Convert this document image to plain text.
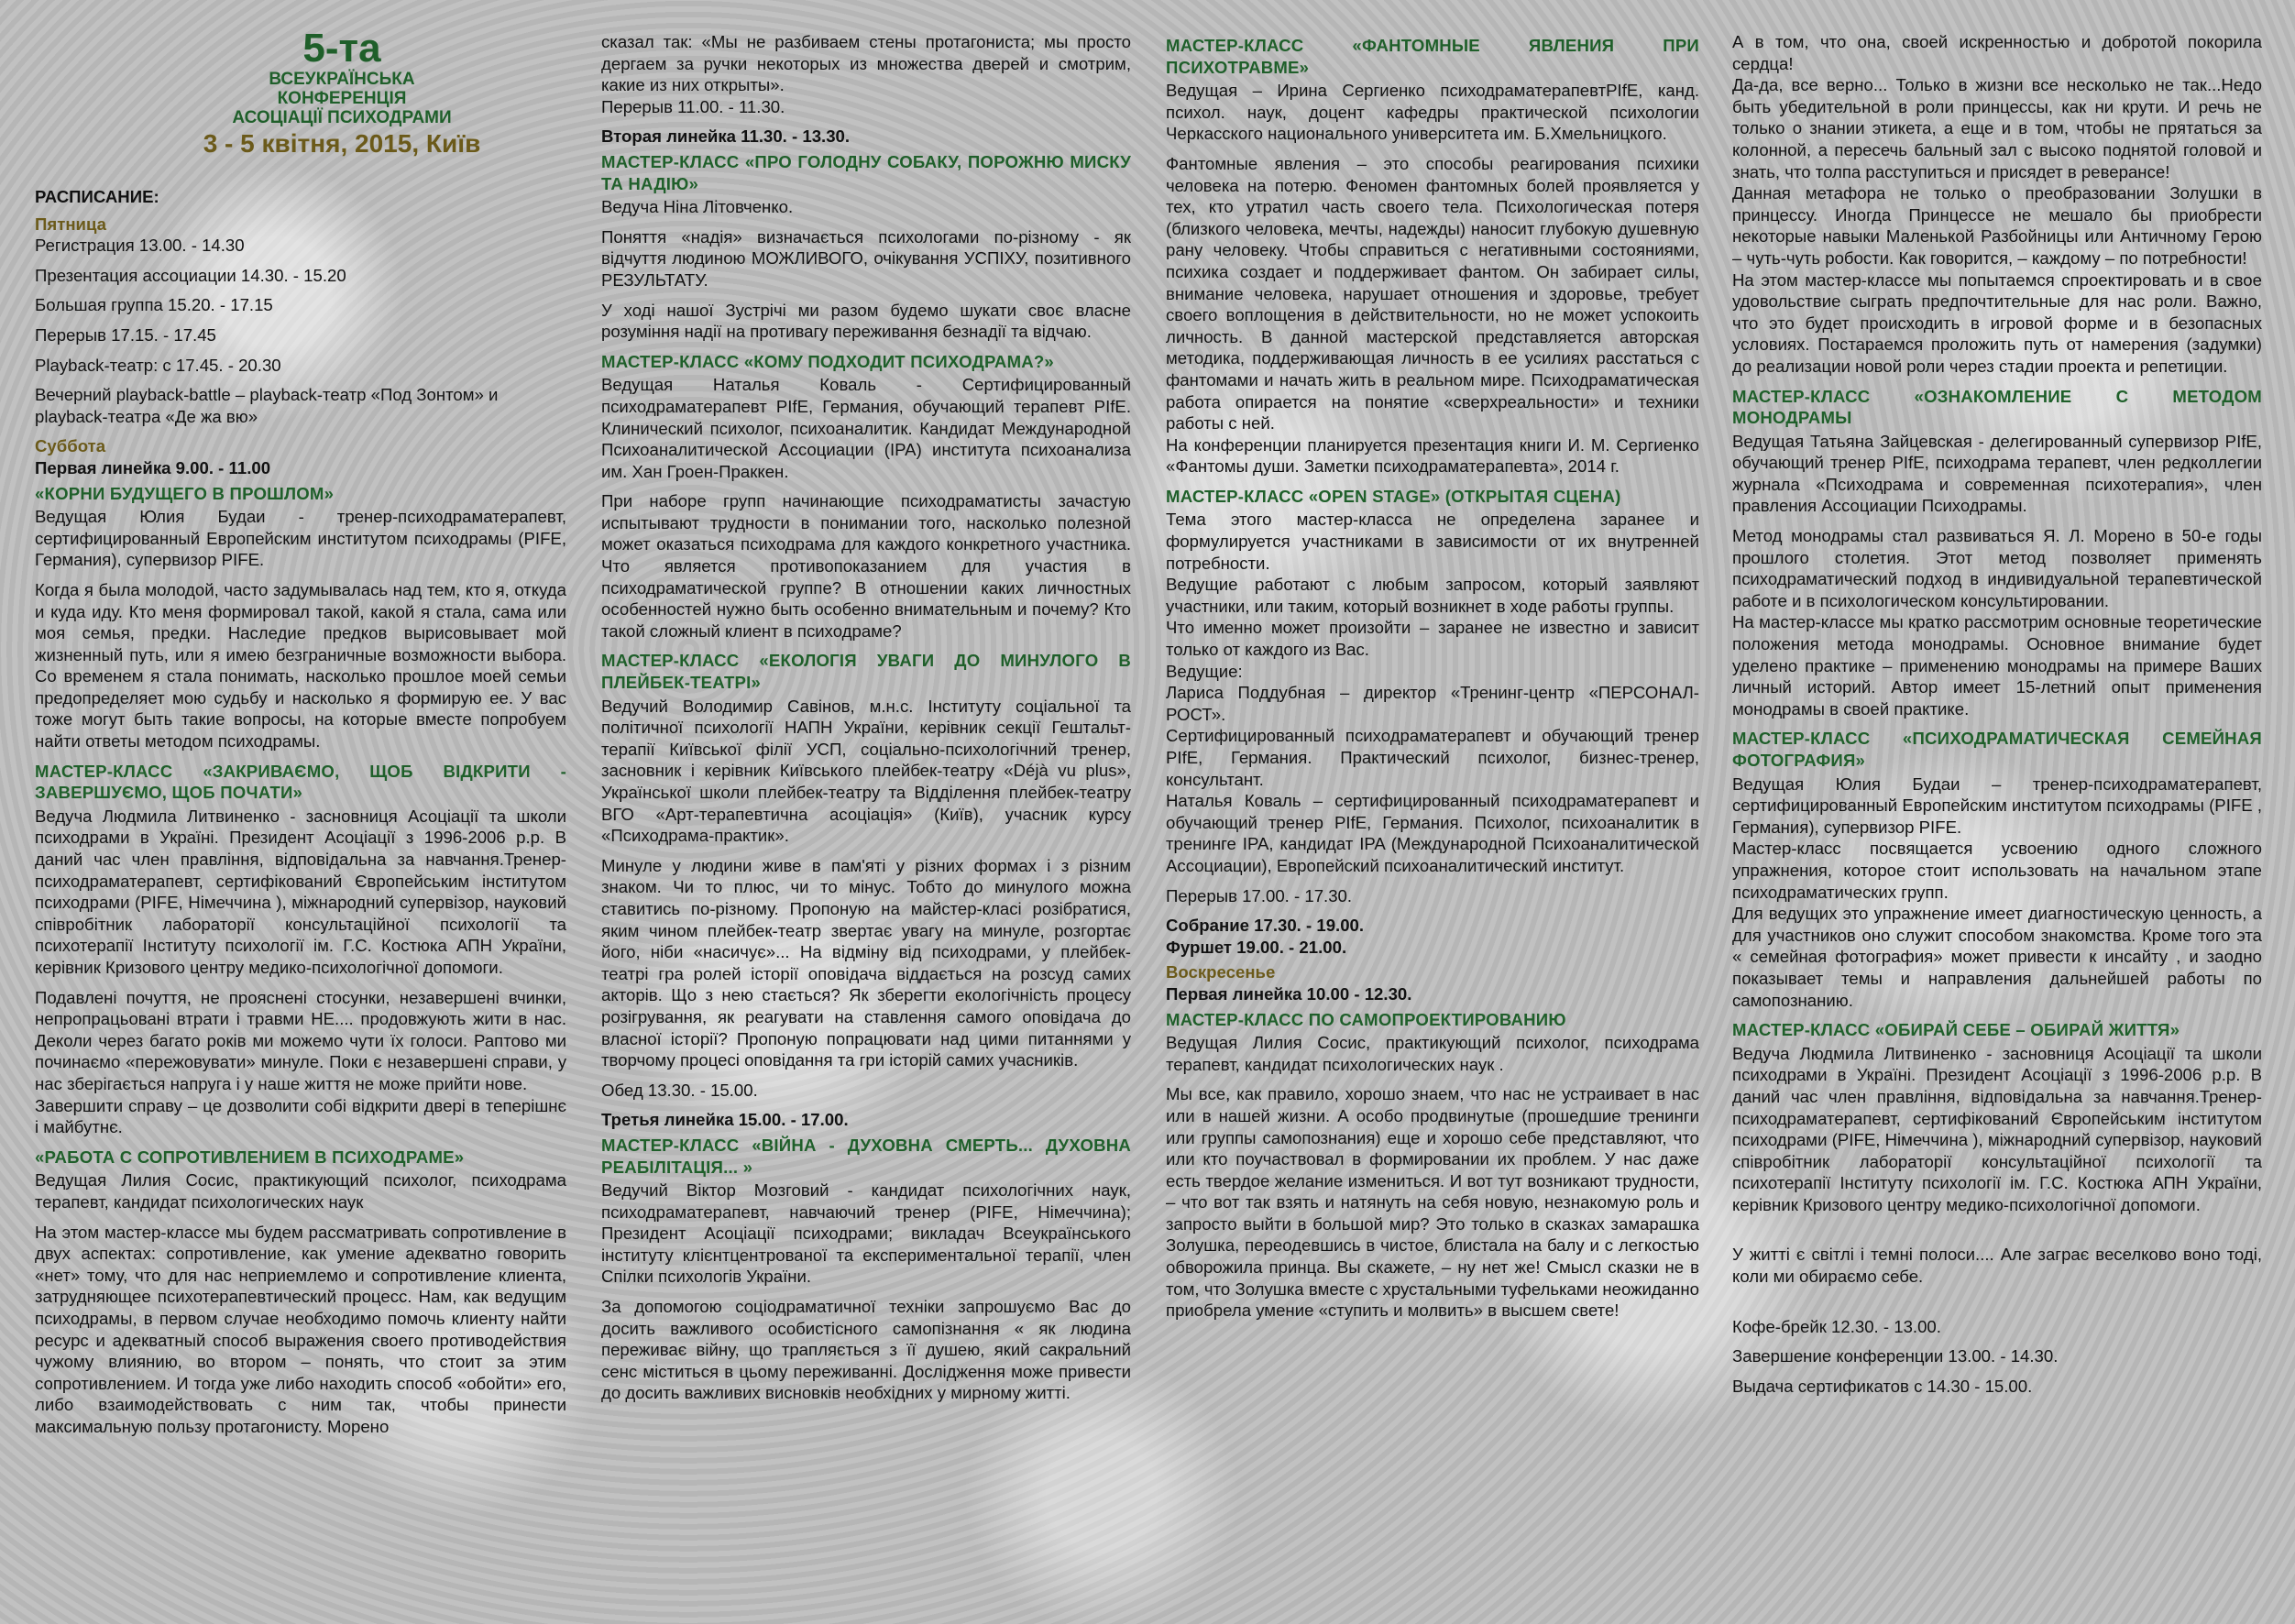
5-та
ВСЕУКРАЇНСЬКА
КОНФЕРЕНЦІЯ
АСОЦІАЦІЇ ПСИХОДРАМИ
3 - 5 квітня, 2015, Київ
РАСПИСАНИЕ:
Пятница

Регистрация 13.00. - 14.30

Презентация ассоциации 14.30. - 15.20

Большая группа 15.20. - 17.15

Перерыв 17.15. - 17.45

Playback-театр: с 17.45. - 20.30

Вечерний playback-battle – playback-театр «Под Зонтом» и playback-театра «Де жа вю»

Суббота
Первая линейка 9.00. - 11.00
«КОРНИ БУДУЩЕГО В ПРОШЛОМ»

Ведущая Юлия Будаи - тренер-психодраматерапевт, сертифицированный Европейским институтом психодрамы (PIFE, Германия), супервизор PIFE.

Когда я была молодой, часто задумывалась над тем, кто я, откуда и куда иду. Кто меня формировал такой, какой я стала, сама или моя семья, предки. Наследие предков вырисовывает мой жизненный путь, или я имею безграничные возможности выбора. Со временем я стала понимать, насколько прошлое моей семьи предопределяет мою судьбу и насколько я формирую ее. У вас тоже могут быть такие вопросы, на которые вместе попробуем найти ответы методом психодрамы.

МАСТЕР-КЛАСС «ЗАКРИВАЄМО, ЩОБ ВІДКРИТИ - ЗАВЕРШУЄМО, ЩОБ ПОЧАТИ»

Ведуча Людмила Литвиненко - засновниця Асоціації та школи психодрами в Україні. Президент Асоціації з 1996-2006 р.р. В даний час член правління, відповідальна за навчання.Тренер-психодраматерапевт, сертифікований Європейським інститутом психодрами (PIFE, Німеччина ), міжнародний супервізор, науковий співробітник лабораторії консультаційної психології та психотерапії Інституту психології ім. Г.С. Костюка АПН України, керівник Кризового центру медико-психологічної допомоги.

Подавлені почуття, не прояснені стосунки, незавершені вчинки, непропрацьовані втрати і травми НЕ.... продовжують жити в нас. Деколи через багато років ми можемо чути їх голоси. Раптово ми починаємо «пережовувати» минуле. Поки є незавершені справи, у нас зберігається напруга і у наше життя не може прийти нове.

Завершити справу – це дозволити собі відкрити двері в теперішнє і майбутнє.

«РАБОТА С СОПРОТИВЛЕНИЕМ В ПСИХОДРАМЕ»

Ведущая Лилия Сосис, практикующий психолог, психодрама терапевт, кандидат психологических наук

На этом мастер-классе мы будем рассматривать сопротивление в двух аспектах: сопротивление, как умение адекватно говорить «нет» тому, что для нас неприемлемо и сопротивление клиента, затрудняющее психотерапевтический процесс. Нам, как ведущим психодрамы, в первом случае необходимо помочь клиенту найти ресурс и адекватный способ выражения своего противодействия чужому влиянию, во втором – понять, что стоит за этим сопротивлением. И тогда уже либо находить способ «обойти» его, либо взаимодействовать с ним так, чтобы принести максимальную пользу протагонисту. Морено

сказал так: «Мы не разбиваем стены протагониста; мы просто дергаем за ручки некоторых из множества дверей и смотрим, какие из них открыты».

Перерыв 11.00. - 11.30.

Вторая линейка 11.30. - 13.30.
МАСТЕР-КЛАСС «ПРО ГОЛОДНУ СОБАКУ, ПОРОЖНЮ МИСКУ ТА НАДІЮ»

Ведуча Ніна Літовченко.

Поняття «надія» визначається психологами по-різному - як відчуття людиною МОЖЛИВОГО, очікування УСПІХУ, позитивного РЕЗУЛЬТАТУ.

У ході нашої Зустрічі ми разом будемо шукати своє власне розуміння надії на противагу переживання безнадії та відчаю.

МАСТЕР-КЛАСС «КОМУ ПОДХОДИТ ПСИХОДРАМА?»

Ведущая Наталья Коваль - Сертифицированный психодраматерапевт PIfE, Германия, обучающий терапевт PIfE. Клинический психолог, психоаналитик. Кандидат Международной Психоаналитической Ассоциации (IPA) института психоанализа им. Хан Гроен-Праккен.

При наборе групп начинающие психодраматисты зачастую испытывают трудности в понимании того, насколько полезной может оказаться психодрама для каждого конкретного участника. Что является противопоказанием для участия в психодраматической группе? В отношении каких личностных особенностей нужно быть особенно внимательным и почему? Кто такой сложный клиент в психодраме?

МАСТЕР-КЛАСС «ЕКОЛОГІЯ УВАГИ ДО МИНУЛОГО В ПЛЕЙБЕК-ТЕАТРІ»

Ведучий Володимир Савінов, м.н.с. Інституту соціальної та політичної психології НАПН України, керівник секції Гештальт-терапії Київської філії УСП, соціально-психологічний тренер, засновник і керівник Київського плейбек-театру «Déjà vu plus», Української школи плейбек-театру та Відділення плейбек-театру ВГО «Арт-терапевтична асоціація» (Київ), учасник курсу «Психодрама-практик».

Минуле у людини живе в пам'яті у різних формах і з різним знаком. Чи то плюс, чи то мінус. Тобто до минулого можна ставитись по-різному. Пропоную на майстер-класі розібратися, яким чином плейбек-театр звертає увагу на минуле, розгортає його, ніби «насичує»... На відміну від психодрами, у плейбек-театрі гра ролей історії оповідача віддається на розсуд самих акторів. Що з нею стається? Як зберегти екологічність процесу розігрування, як реагувати на ставлення самого оповідача до власної історії? Пропоную попрацювати над цими питаннями у творчому процесі оповідання та гри історій самих учасників.

Обед 13.30. - 15.00.

Третья линейка 15.00. - 17.00.
МАСТЕР-КЛАСС «ВІЙНА - ДУХОВНА СМЕРТЬ... ДУХОВНА РЕАБІЛІТАЦІЯ... »

Ведучий Віктор Мозговий - кандидат психологічних наук, психодраматерапевт, навчаючий тренер (PIFE, Німеччина); Президент Асоціації психодрами; викладач Всеукраїнського інституту клієнтцентрованої та експериментальної терапії, член Спілки психологів України.

За допомогою соціодраматичної техніки запрошуємо Вас до досить важливого особистісного самопізнання « як людина переживає війну, що трапляється з її душею, який сакральний сенс міститься в цьому переживанні. Дослідження може привести до досить важливих висновків необхідних у мирному житті.

МАСТЕР-КЛАСС «ФАНТОМНЫЕ ЯВЛЕНИЯ ПРИ ПСИХОТРАВМЕ»

Ведущая – Ирина Сергиенко психодраматерапевтPIfE, канд. психол. наук, доцент кафедры практической психологии Черкасского национального университета им. Б.Хмельницкого.

Фантомные явления – это способы реагирования психики человека на потерю. Феномен фантомных болей проявляется у тех, кто утратил часть своего тела. Психологическая потеря (близкого человека, мечты, надежды) наносит глубокую душевную рану человеку. Чтобы справиться с негативными состояниями, психика создает и поддерживает фантом. Он забирает силы, внимание человека, нарушает отношения и здоровье, требует своего воплощения в действительности, но не может успокоить личность. В данной мастерской представляется авторская методика, поддерживающая личность в ее усилиях расстаться с фантомами и начать жить в реальном мире. Психодраматическая работа опирается на понятие «сверхреальности» и техники работы с ней.

На конференции планируется презентация книги И. М. Сергиенко «Фантомы души. Заметки психодраматерапевта», 2014 г.

МАСТЕР-КЛАСС «OPEN STAGE» (ОТКРЫТАЯ СЦЕНА)

Тема этого мастер-класса не определена заранее и формулируется участниками в зависимости от их внутренней потребности.

Ведущие работают с любым запросом, который заявляют участники, или таким, который возникнет в ходе работы группы.

Что именно может произойти – заранее не известно и зависит только от каждого из Вас.

Ведущие:

Лариса Поддубная – директор «Тренинг-центр «ПЕРСОНАЛ-РОСТ».

Сертифицированный психодраматерапевт и обучающий тренер PIfE, Германия. Практический психолог, бизнес-тренер, консультант.

Наталья Коваль – сертифицированный психодраматерапевт и обучающий тренер PIfE, Германия. Психолог, психоаналитик в тренинге IPA, кандидат IPA (Международной Психоаналитической Ассоциации), Европейский психоаналитический институт.

Перерыв 17.00. - 17.30.

Собрание 17.30. - 19.00.
Фуршет 19.00. - 21.00.
Воскресенье
Первая линейка 10.00 - 12.30.
МАСТЕР-КЛАСС ПО САМОПРОЕКТИРОВАНИЮ

Ведущая Лилия Сосис, практикующий психолог, психодрама терапевт, кандидат психологических наук .

Мы все, как правило, хорошо знаем, что нас не устраивает в нас или в нашей жизни. А особо продвинутые (прошедшие тренинги или группы самопознания) еще и хорошо себе представляют, что или кто поучаствовал в формировании их проблем. У нас даже есть твердое желание измениться. И вот тут возникают трудности, – что вот так взять и натянуть на себя новую, незнакомую роль и запросто выйти в большой мир? Это только в сказках замарашка Золушка, переодевшись в чистое, блистала на балу и с легкостью обворожила принца. Вы скажете, – ну нет же! Смысл сказки не в том, что Золушка вместе с хрустальными туфельками неожиданно приобрела умение «ступить и молвить» в высшем свете!

А в том, что она, своей искренностью и добротой покорила сердца!

Да-да, все верно... Только в жизни все несколько не так...Недо быть убедительной в роли принцессы, как ни крути. И речь не только о знании этикета, а еще и в том, чтобы не прятаться за колонной, а пересечь бальный зал с высоко поднятой головой и знать, что толпа расступиться и присядет в реверансе!

Данная метафора не только о преобразовании Золушки в принцессу. Иногда Принцессе не мешало бы приобрести некоторые навыки Маленькой Разбойницы или Античному Герою – чуть-чуть робости. Как говорится, – каждому – по потребности!

На этом мастер-классе мы попытаемся спроектировать и в свое удовольствие сыграть предпочтительные для нас роли. Важно, что это будет происходить в игровой форме и в безопасных условиях. Постараемся проложить путь от намерения (задумки) до реализации новой роли через стадии проекта и репетиции.

МАСТЕР-КЛАСС «ОЗНАКОМЛЕНИЕ С МЕТОДОМ МОНОДРАМЫ

Ведущая Татьяна Зайцевская - делегированный супервизор PIfE, обучающий тренер PIfE, психодрама терапевт, член редколлегии журнала «Психодрама и современная психотерапия», член правления Ассоциации Психодрамы.

Метод монодрамы стал развиваться Я. Л. Морено в 50-е годы прошлого столетия. Этот метод позволяет применять психодраматический подход в индивидуальной терапевтической работе и в психологическом консультировании.

На мастер-классе мы кратко рассмотрим основные теоретические положения метода монодрамы. Основное внимание будет уделено практике – применению монодрамы на примере Ваших личный историй. Автор имеет 15-летний опыт применения монодрамы в своей практике.

МАСТЕР-КЛАСС «ПСИХОДРАМАТИЧЕСКАЯ СЕМЕЙНАЯ ФОТОГРАФИЯ»

Ведущая Юлия Будаи – тренер-психодраматерапевт, сертифицированный Европейским институтом психодрамы (PIFE , Германия), супервизор PIFE.

Мастер-класс посвящается усвоению одного сложного упражнения, которое стоит использовать на начальном этапе психодраматических групп.

Для ведущих это упражнение имеет диагностическую ценность, а для участников оно служит способом знакомства. Кроме того эта « семейная фотография» может привести к инсайту , и заодно показывает темы и направления дальнейшей работы по самопознанию.

МАСТЕР-КЛАСС «ОБИРАЙ СЕБЕ – ОБИРАЙ ЖИТТЯ»

Ведуча Людмила Литвиненко - засновниця Асоціації та школи психодрами в Україні. Президент Асоціації з 1996-2006 р.р. В даний час член правління, відповідальна за навчання.Тренер-психодраматерапевт, сертифікований Європейським інститутом психодрами (PIFE, Німеччина ), міжнародний супервізор, науковий співробітник лабораторії консультаційної психології та психотерапії Інституту психології ім. Г.С. Костюка АПН України, керівник Кризового центру медико-психологічної допомоги.

У житті є світлі і темні полоси.... Але заграє веселково воно тоді, коли ми обираємо себе.

Кофе-брейк 12.30. - 13.00.

Завершение конференции 13.00. - 14.30.

Выдача сертификатов с 14.30 - 15.00.
